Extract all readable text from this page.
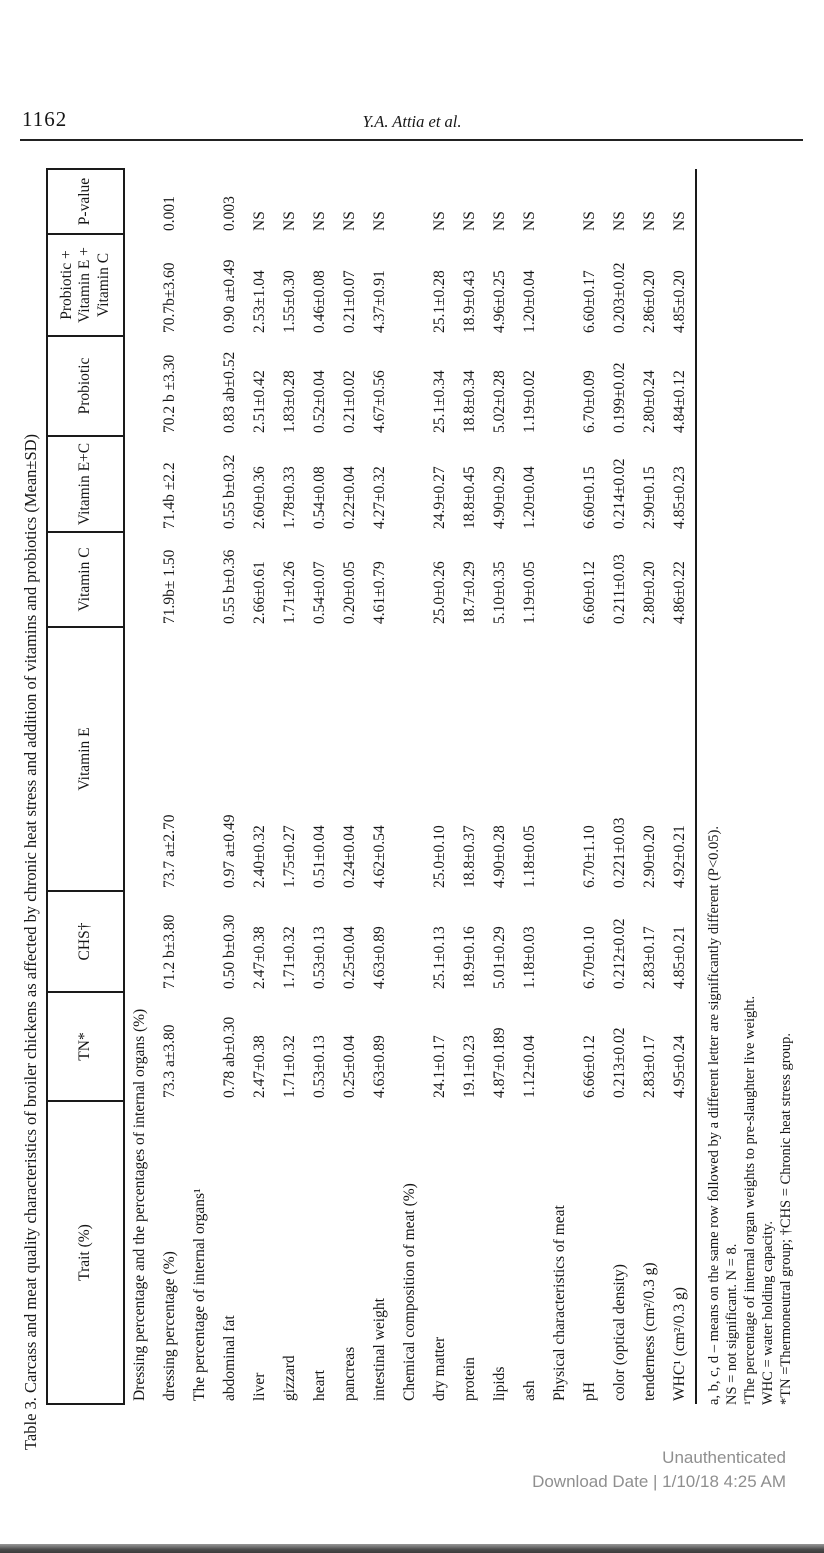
1162	Y.A. Attia et al.
Table 3. Carcass and meat quality characteristics of broiler chickens as affected by chronic heat stress and addition of vitamins and probiotics (Mean±SD) Trait (%)	TN*	CHS†	Vitamin E	Vitamin C	Vitamin E+C	Probiotic	Probiotic + Vitamin E + Vitamin C	P-value
Dressing percentage and the percentages of internal organs (%)								
dressing percentage (%)	73.3 a±3.80	71.2 b±3.80	73.7 a±2.70	71.9b± 1.50	71.4b ±2.2	70.2 b ±3.30	70.7b±3.60	0.001
The percentage of internal organs¹								
abdominal fat	0.78 ab±0.30	0.50 b±0.30	0.97 a±0.49	0.55 b±0.36	0.55 b±0.32	0.83 ab±0.52	0.90 a±0.49	0.003
liver	2.47±0.38	2.47±0.38	2.40±0.32	2.66±0.61	2.60±0.36	2.51±0.42	2.53±1.04	NS
gizzard	1.71±0.32	1.71±0.32	1.75±0.27	1.71±0.26	1.78±0.33	1.83±0.28	1.55±0.30	NS
heart	0.53±0.13	0.53±0.13	0.51±0.04	0.54±0.07	0.54±0.08	0.52±0.04	0.46±0.08	NS
pancreas	0.25±0.04	0.25±0.04	0.24±0.04	0.20±0.05	0.22±0.04	0.21±0.02	0.21±0.07	NS
intestinal weight	4.63±0.89	4.63±0.89	4.62±0.54	4.61±0.79	4.27±0.32	4.67±0.56	4.37±0.91	NS
Chemical composition of meat (%)								
dry matter	24.1±0.17	25.1±0.13	25.0±0.10	25.0±0.26	24.9±0.27	25.1±0.34	25.1±0.28	NS
protein	19.1±0.23	18.9±0.16	18.8±0.37	18.7±0.29	18.8±0.45	18.8±0.34	18.9±0.43	NS
lipids	4.87±0.189	5.01±0.29	4.90±0.28	5.10±0.35	4.90±0.29	5.02±0.28	4.96±0.25	NS
ash	1.12±0.04	1.18±0.03	1.18±0.05	1.19±0.05	1.20±0.04	1.19±0.02	1.20±0.04	NS
Physical characteristics of meat								
pH	6.66±0.12	6.70±0.10	6.70±1.10	6.60±0.12	6.60±0.15	6.70±0.09	6.60±0.17	NS
color (optical density)	0.213±0.02	0.212±0.02	0.221±0.03	0.211±0.03	0.214±0.02	0.199±0.02	0.203±0.02	NS
tenderness (cm²/0.3 g)	2.83±0.17	2.83±0.17	2.90±0.20	2.80±0.20	2.90±0.15	2.80±0.24	2.86±0.20	NS
WHC¹ (cm²/0.3 g)	4.95±0.24	4.85±0.21	4.92±0.21	4.86±0.22	4.85±0.23	4.84±0.12	4.85±0.20	NS
a, b, c, d – means on the same row followed by a different letter are significantly different (P<0.05). NS = not significant. N = 8. ¹The percentage of internal organ weights to pre-slaughter live weight. WHC = water holding capacity. *TN =Thermoneutral group; †CHS = Chronic heat stress group.
Unauthenticated
Download Date | 1/10/18 4:25 AM
